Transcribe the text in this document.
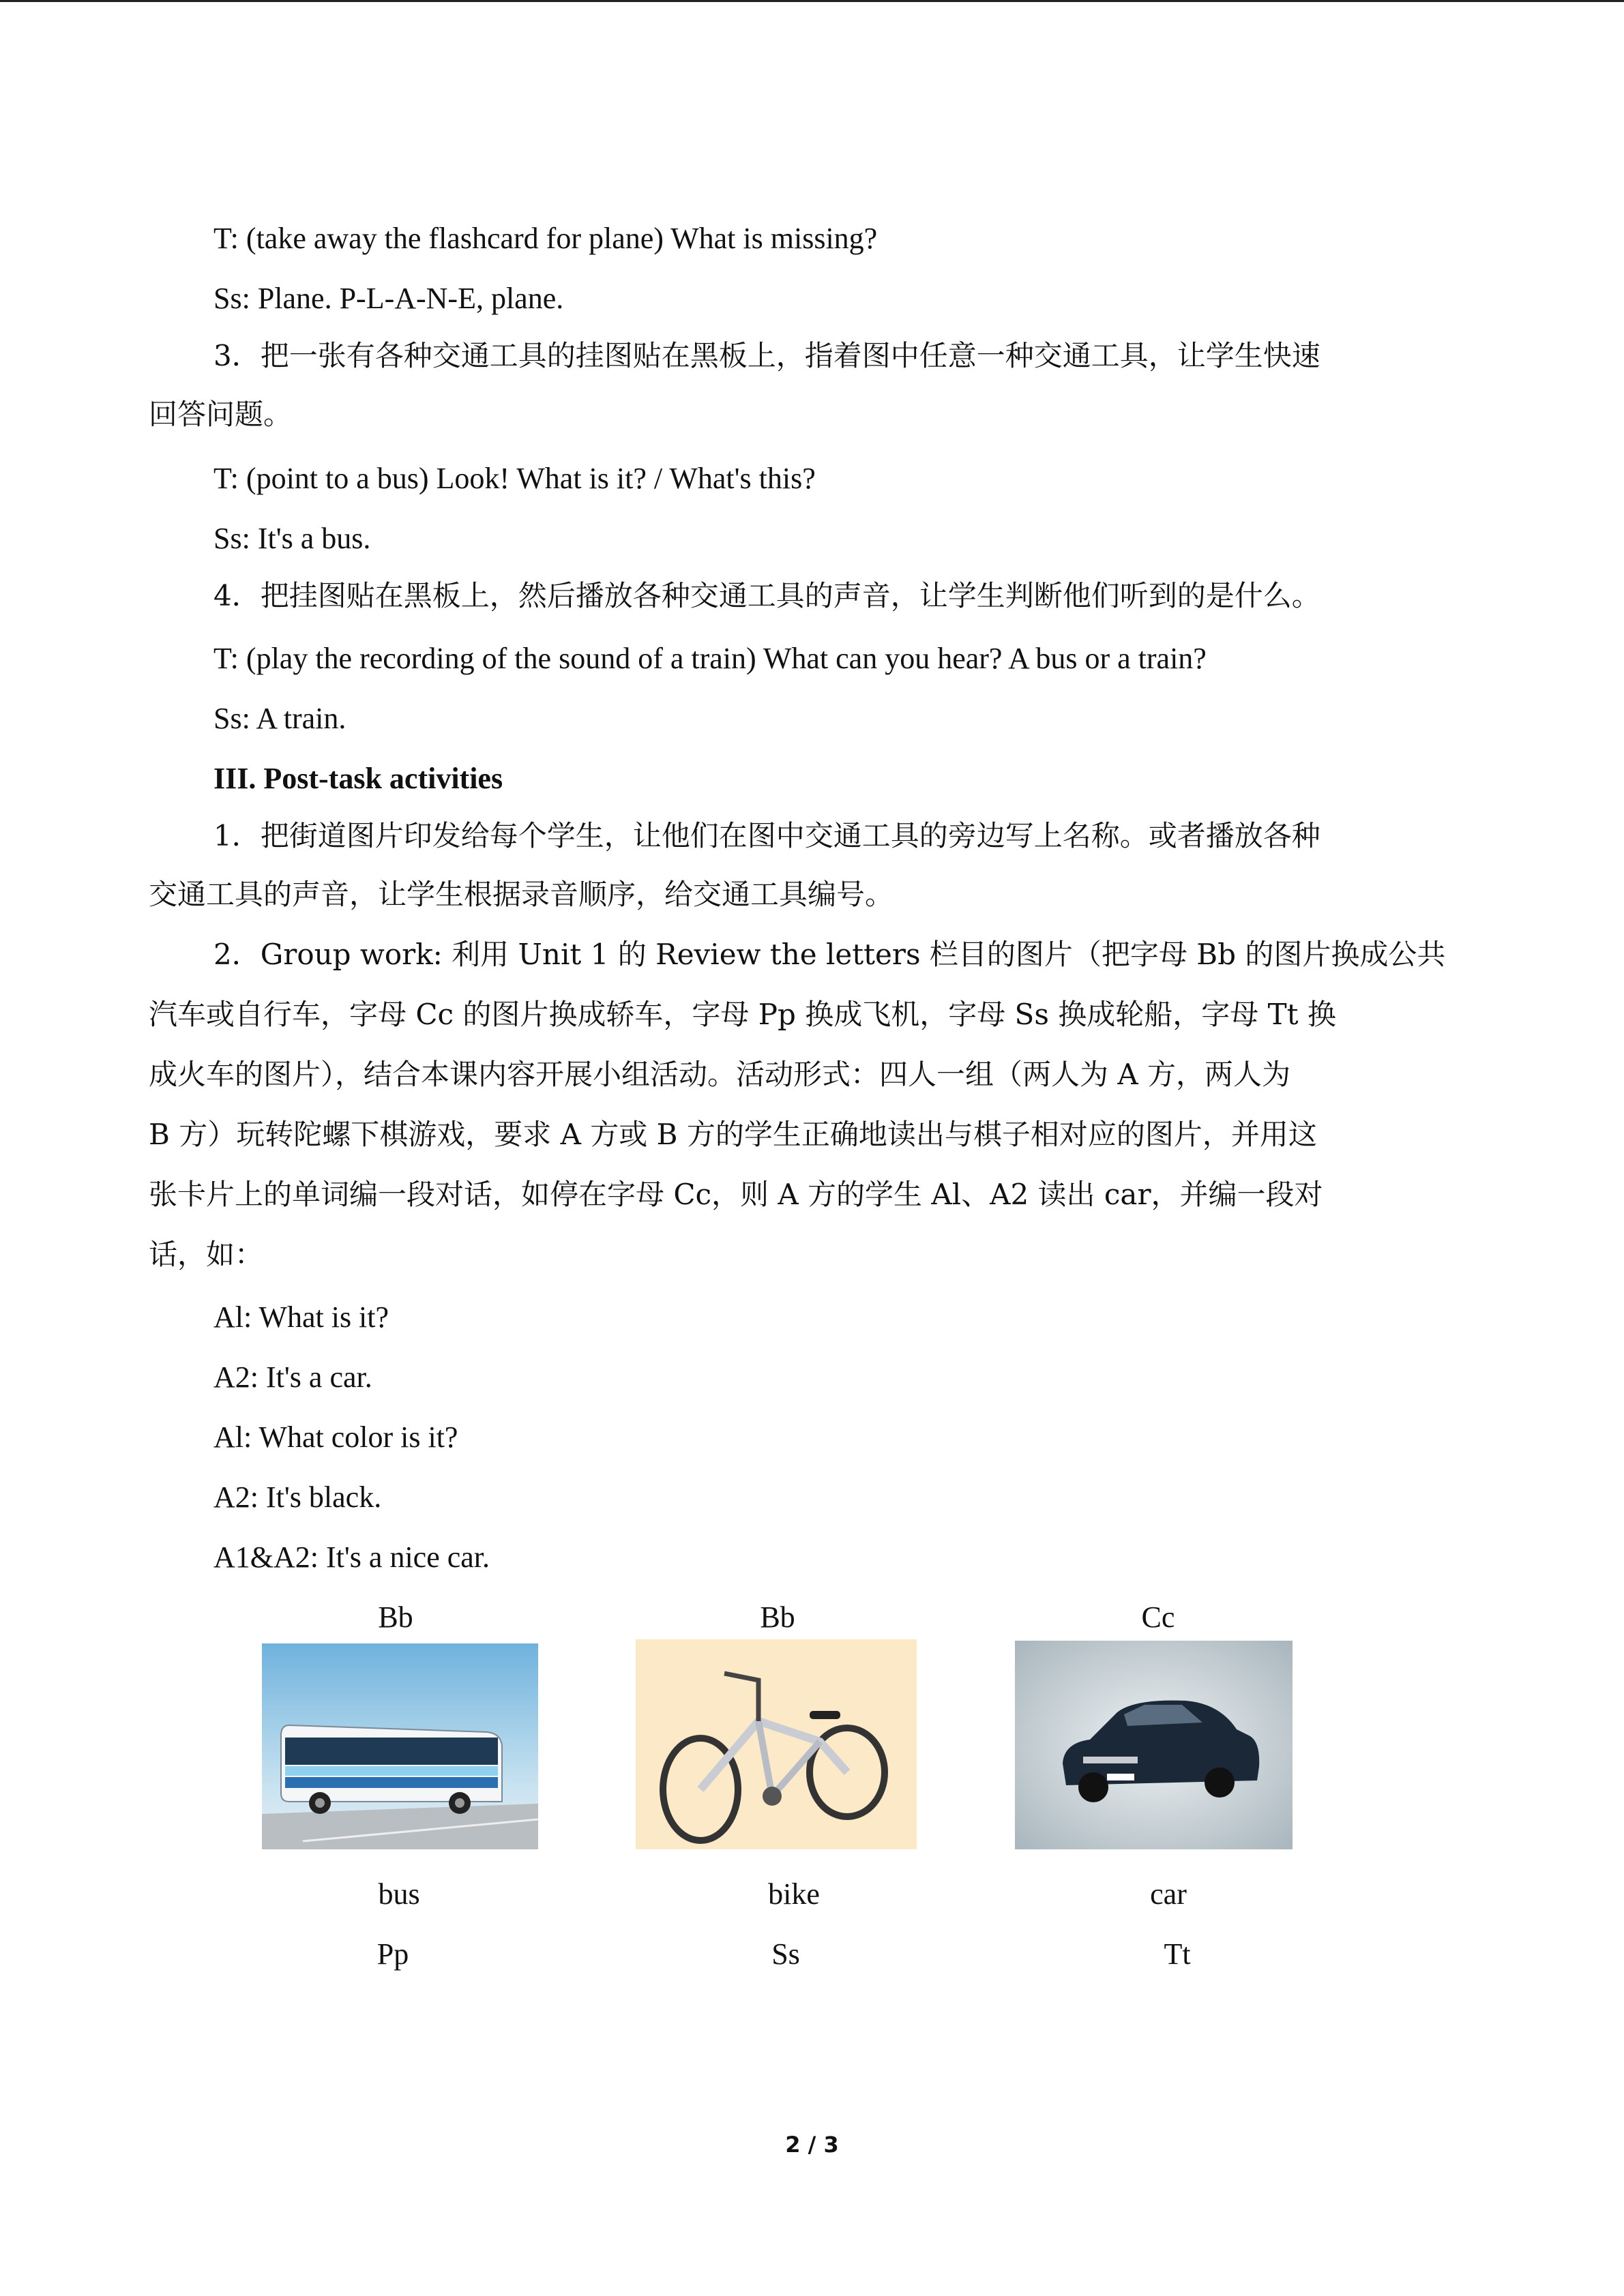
T: (take away the flashcard for plane) What is missing?
Ss: Plane. P-L-A-N-E, plane.
3．把一张有各种交通工具的挂图贴在黑板上，指着图中任意一种交通工具，让学生快速
回答问题。
T: (point to a bus) Look! What is it? / What's this?
Ss: It's a bus.
4．把挂图贴在黑板上，然后播放各种交通工具的声音，让学生判断他们听到的是什么。
T: (play the recording of the sound of a train) What can you hear? A bus or a train?
Ss: A train.
III. Post-task activities
1．把街道图片印发给每个学生，让他们在图中交通工具的旁边写上名称。或者播放各种
交通工具的声音，让学生根据录音顺序，给交通工具编号。
2．Group work: 利用 Unit 1 的 Review the letters 栏目的图片（把字母 Bb 的图片换成公共
汽车或自行车，字母 Cc 的图片换成轿车，字母 Pp 换成飞机，字母 Ss 换成轮船，字母 Tt 换
成火车的图片），结合本课内容开展小组活动。活动形式：四人一组（两人为 A 方，两人为
B 方）玩转陀螺下棋游戏，要求 A 方或 B 方的学生正确地读出与棋子相对应的图片，并用这
张卡片上的单词编一段对话，如停在字母 Cc，则 A 方的学生 Al、A2 读出 car，并编一段对
话，如：
Al: What is it?
A2: It's a car.
Al: What color is it?
A2: It's black.
A1&A2: It's a nice car.
Bb	Bb	Cc
bus	bike	car
Pp	Ss	Tt
2 / 3
